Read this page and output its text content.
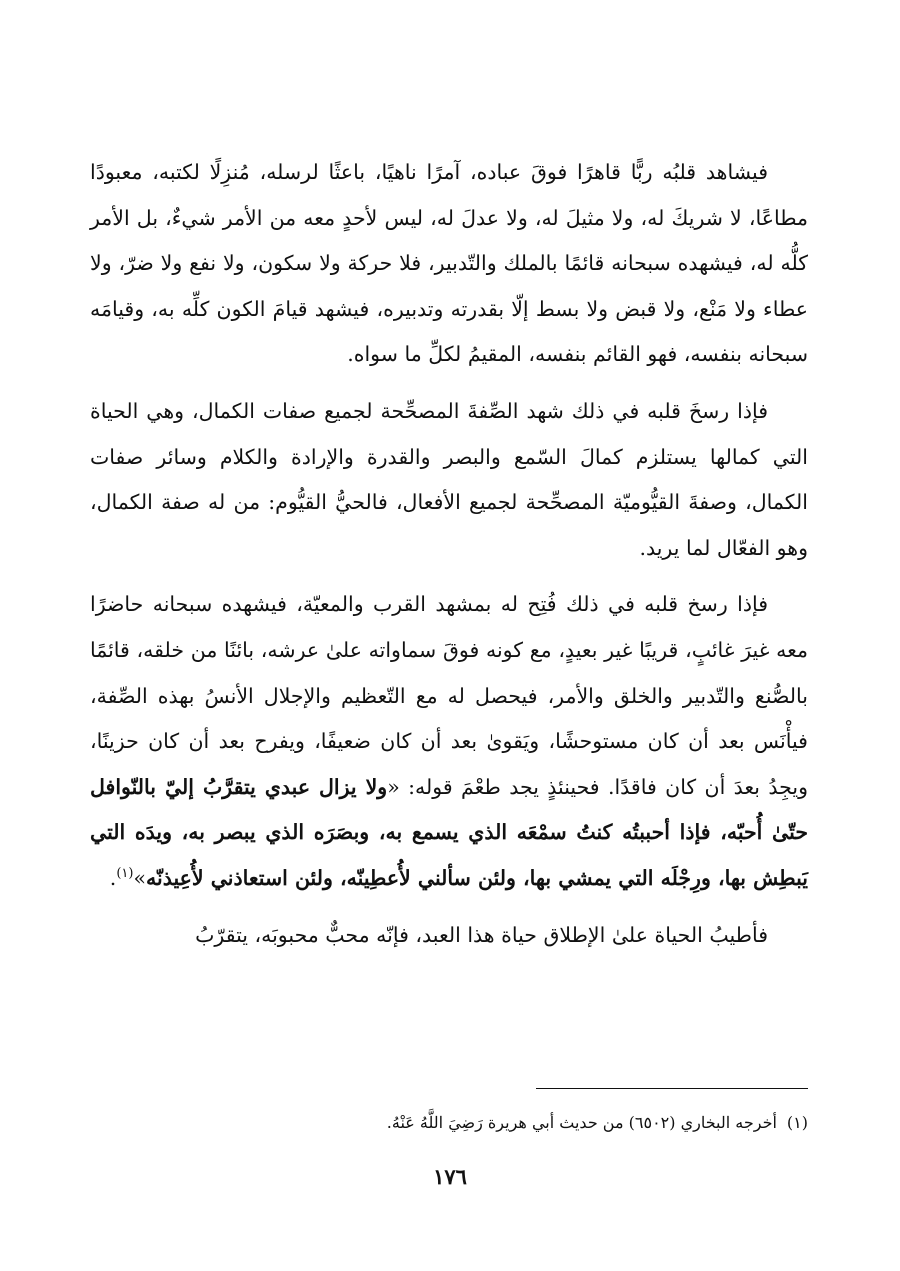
فيشاهد قلبُه ربًّا قاهرًا فوقَ عباده، آمرًا ناهيًا، باعثًا لرسله، مُنزِلًا لكتبه، معبودًا مطاعًا، لا شريكَ له، ولا مثيلَ له، ولا عدلَ له، ليس لأحدٍ معه من الأمر شيءٌ، بل الأمر كلُّه له، فيشهده سبحانه قائمًا بالملك والتّدبير، فلا حركة ولا سكون، ولا نفع ولا ضرّ، ولا عطاء ولا مَنْع، ولا قبض ولا بسط إلّا بقدرته وتدبيره، فيشهد قيامَ الكون كلِّه به، وقيامَه سبحانه بنفسه، فهو القائم بنفسه، المقيمُ لكلِّ ما سواه.

فإذا رسخَ قلبه في ذلك شهد الصِّفةَ المصحِّحة لجميع صفات الكمال، وهي الحياة التي كمالها يستلزم كمالَ السّمع والبصر والقدرة والإرادة والكلام وسائر صفات الكمال، وصفةَ القيُّوميّة المصحِّحة لجميع الأفعال، فالحيُّ القيُّوم: من له صفة الكمال، وهو الفعّال لما يريد.

فإذا رسخ قلبه في ذلك فُتِح له بمشهد القرب والمعيّة، فيشهده سبحانه حاضرًا معه غيرَ غائبٍ، قريبًا غير بعيدٍ، مع كونه فوقَ سماواته علىٰ عرشه، بائنًا من خلقه، قائمًا بالصُّنع والتّدبير والخلق والأمر، فيحصل له مع التّعظيم والإجلال الأنسُ بهذه الصِّفة، فيأْنَس بعد أن كان مستوحشًا، ويَقوىٰ بعد أن كان ضعيفًا، ويفرح بعد أن كان حزينًا، ويجِدُ بعدَ أن كان فاقدًا. فحينئذٍ يجد طعْمَ قوله: «ولا يزال عبدي يتقرَّبُ إليّ بالنّوافل حتّىٰ أُحبّه، فإذا أحببتُه كنتُ سمْعَه الذي يسمع به، وبصَرَه الذي يبصر به، ويدَه التي يَبطِش بها، ورِجْلَه التي يمشي بها، ولئن سألني لأُعطِينّه، ولئن استعاذني لأُعِيذنّه»$^{(١)}$.

فأطيبُ الحياة علىٰ الإطلاق حياة هذا العبد، فإنّه محبٌّ محبوبَه، يتقرّبُ

(١)أخرجه البخاري (٦٥٠٢) من حديث أبي هريرة رَضِيَ اللَّهُ عَنْهُ.
١٧٦
